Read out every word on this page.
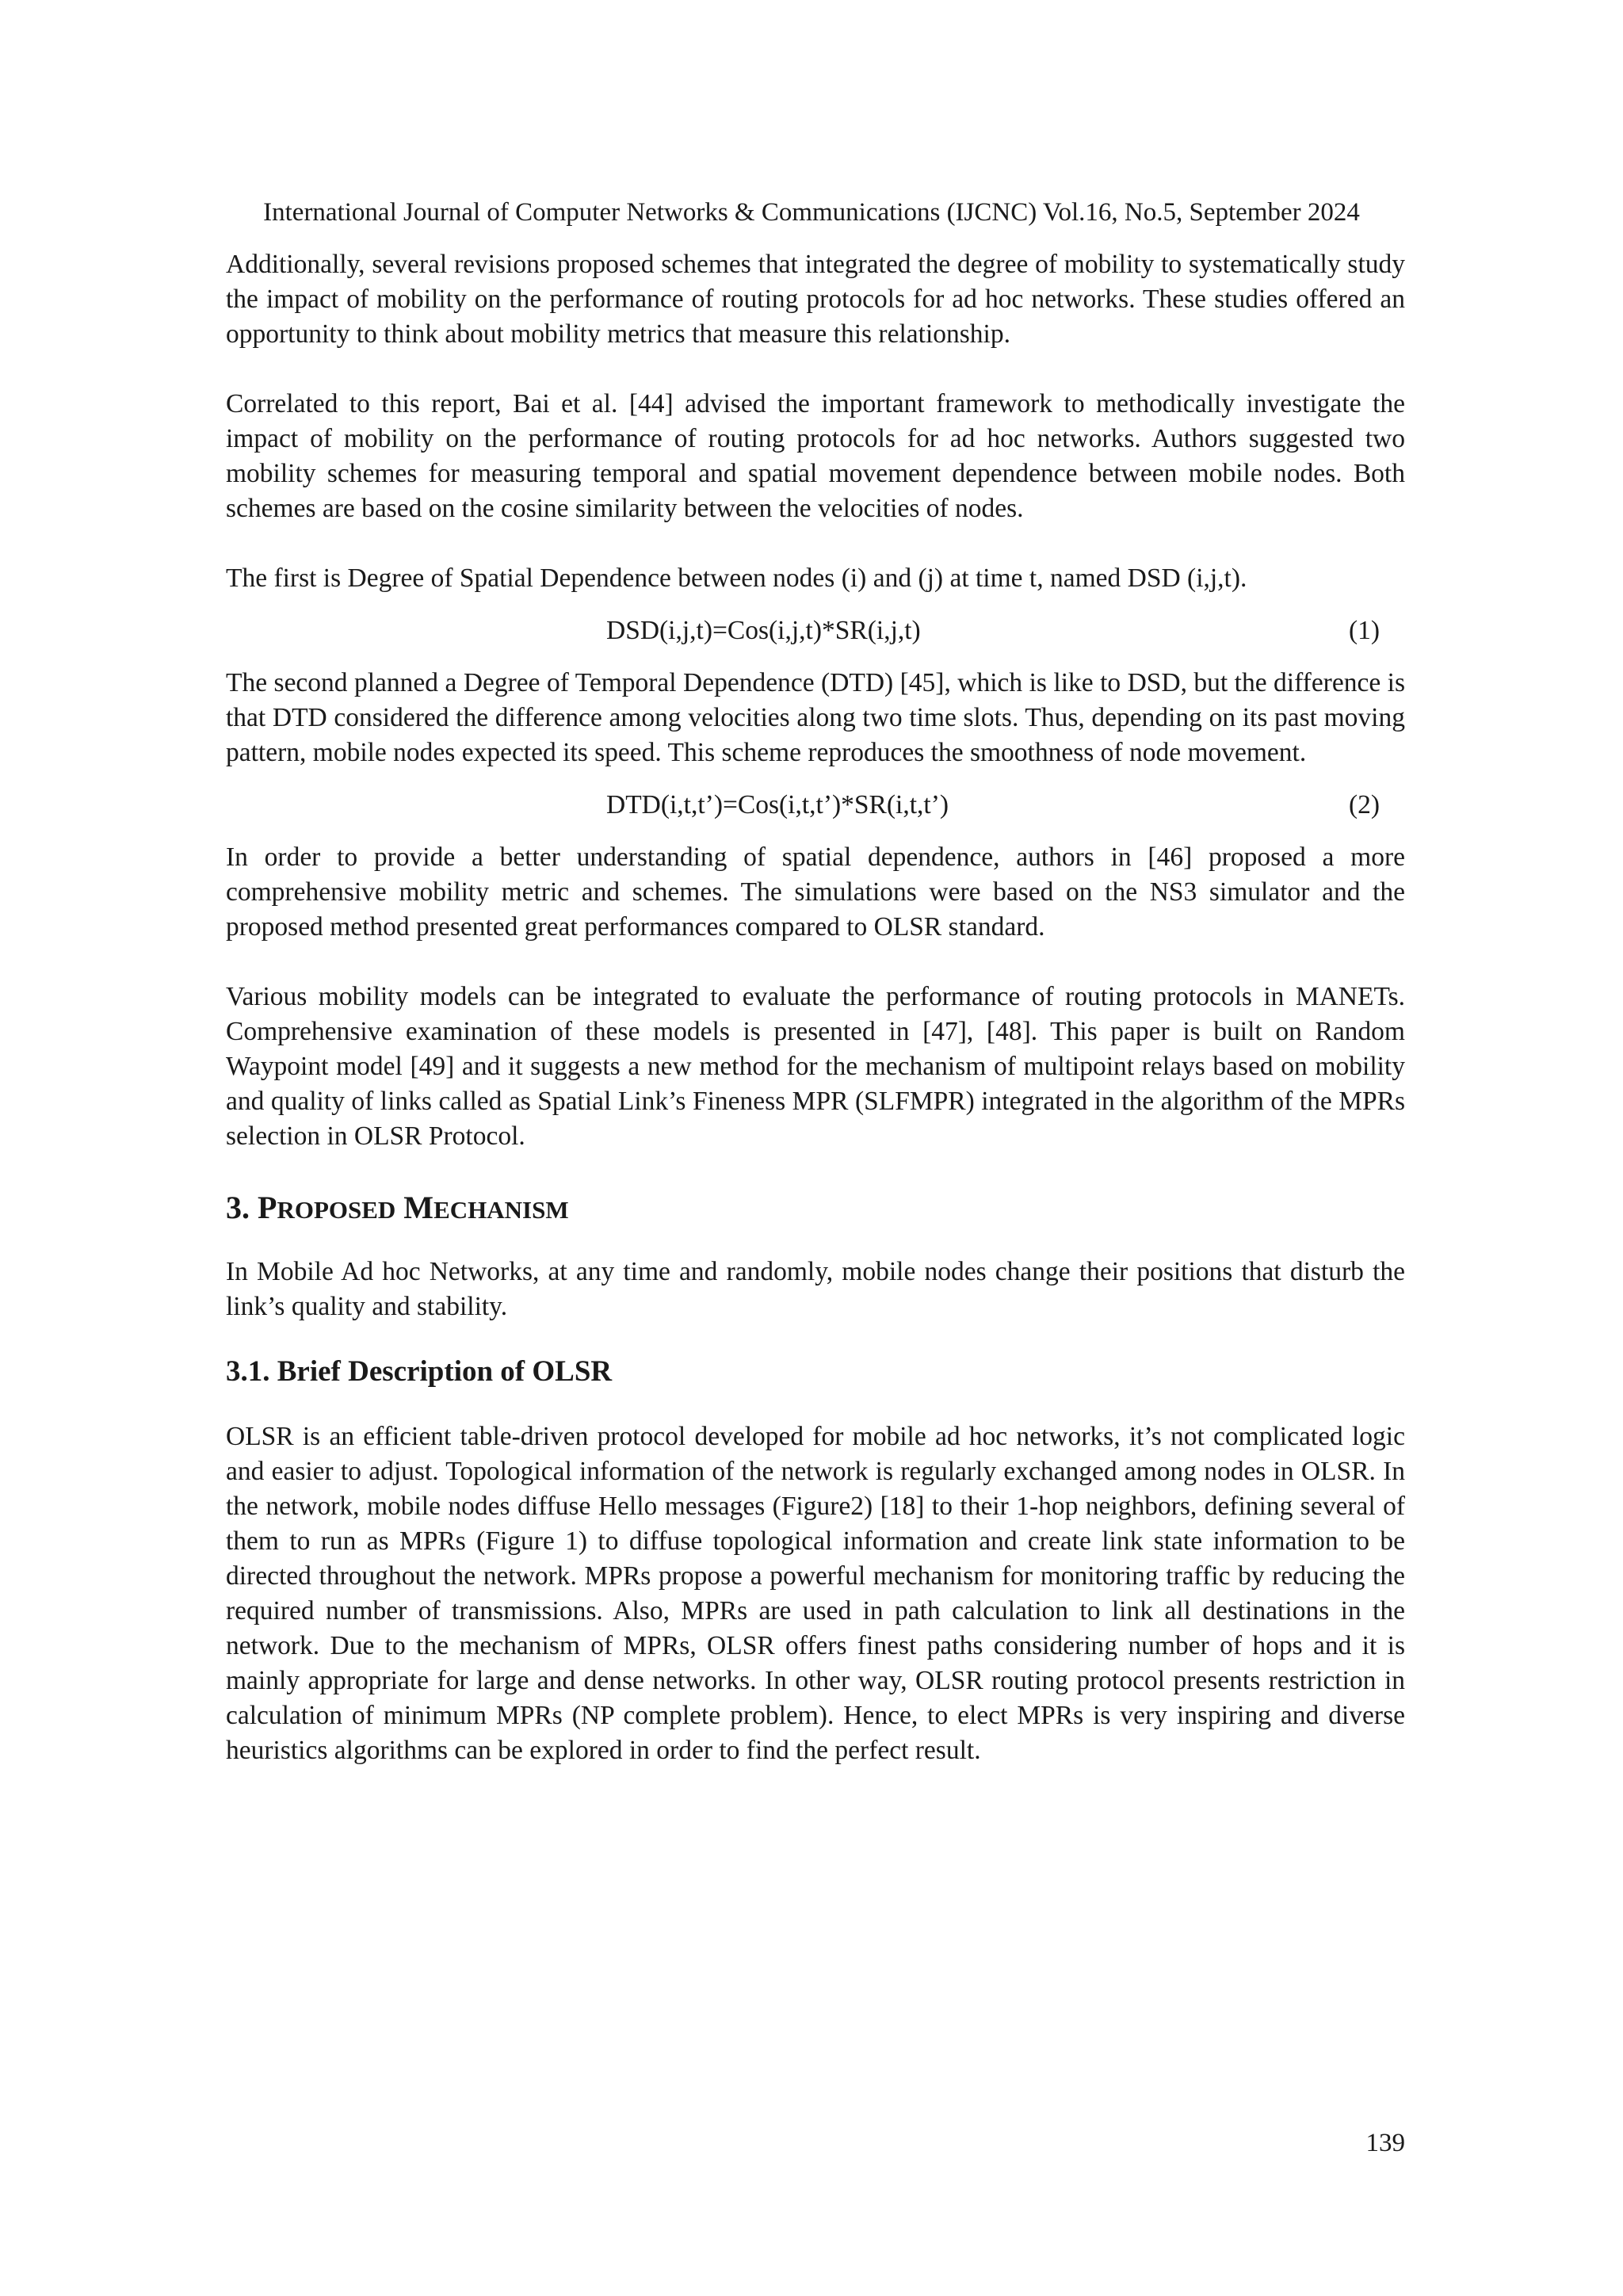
International Journal of Computer Networks & Communications (IJCNC) Vol.16, No.5, September 2024

Additionally, several revisions proposed schemes that integrated the degree of mobility to systematically study the impact of mobility on the performance of routing protocols for ad hoc networks. These studies offered an opportunity to think about mobility metrics that measure this relationship.

Correlated to this report, Bai et al. [44] advised the important framework to methodically investigate the impact of mobility on the performance of routing protocols for ad hoc networks. Authors suggested two mobility schemes for measuring temporal and spatial movement dependence between mobile nodes. Both schemes are based on the cosine similarity between the velocities of nodes.

The first is Degree of Spatial Dependence between nodes (i) and (j) at time t, named DSD (i,j,t).

DSD(i,j,t)=Cos(i,j,t)*SR(i,j,t)	(1)

The second planned a Degree of Temporal Dependence (DTD) [45], which is like to DSD, but the difference is that DTD considered the difference among velocities along two time slots. Thus, depending on its past moving pattern, mobile nodes expected its speed. This scheme reproduces the smoothness of node movement.

DTD(i,t,t’)=Cos(i,t,t’)*SR(i,t,t’)	(2)

In order to provide a better understanding of spatial dependence, authors in [46] proposed a more comprehensive mobility metric and schemes. The simulations were based on the NS3 simulator and the proposed method presented great performances compared to OLSR standard.

Various mobility models can be integrated to evaluate the performance of routing protocols in MANETs. Comprehensive examination of these models is presented in [47], [48]. This paper is built on Random Waypoint model [49] and it suggests a new method for the mechanism of multipoint relays based on mobility and quality of links called as Spatial Link’s Fineness MPR (SLFMPR) integrated in the algorithm of the MPRs selection in OLSR Protocol.

3. PROPOSED MECHANISM

In Mobile Ad hoc Networks, at any time and randomly, mobile nodes change their positions that disturb the link’s quality and stability.

3.1. Brief Description of OLSR

OLSR is an efficient table-driven protocol developed for mobile ad hoc networks, it’s not complicated logic and easier to adjust. Topological information of the network is regularly exchanged among nodes in OLSR. In the network, mobile nodes diffuse Hello messages (Figure2) [18] to their 1-hop neighbors, defining several of them to run as MPRs (Figure 1) to diffuse topological information and create link state information to be directed throughout the network. MPRs propose a powerful mechanism for monitoring traffic by reducing the required number of transmissions. Also, MPRs are used in path calculation to link all destinations in the network. Due to the mechanism of MPRs, OLSR offers finest paths considering number of hops and it is mainly appropriate for large and dense networks. In other way, OLSR routing protocol presents restriction in calculation of minimum MPRs (NP complete problem). Hence, to elect MPRs is very inspiring and diverse heuristics algorithms can be explored in order to find the perfect result.

139
